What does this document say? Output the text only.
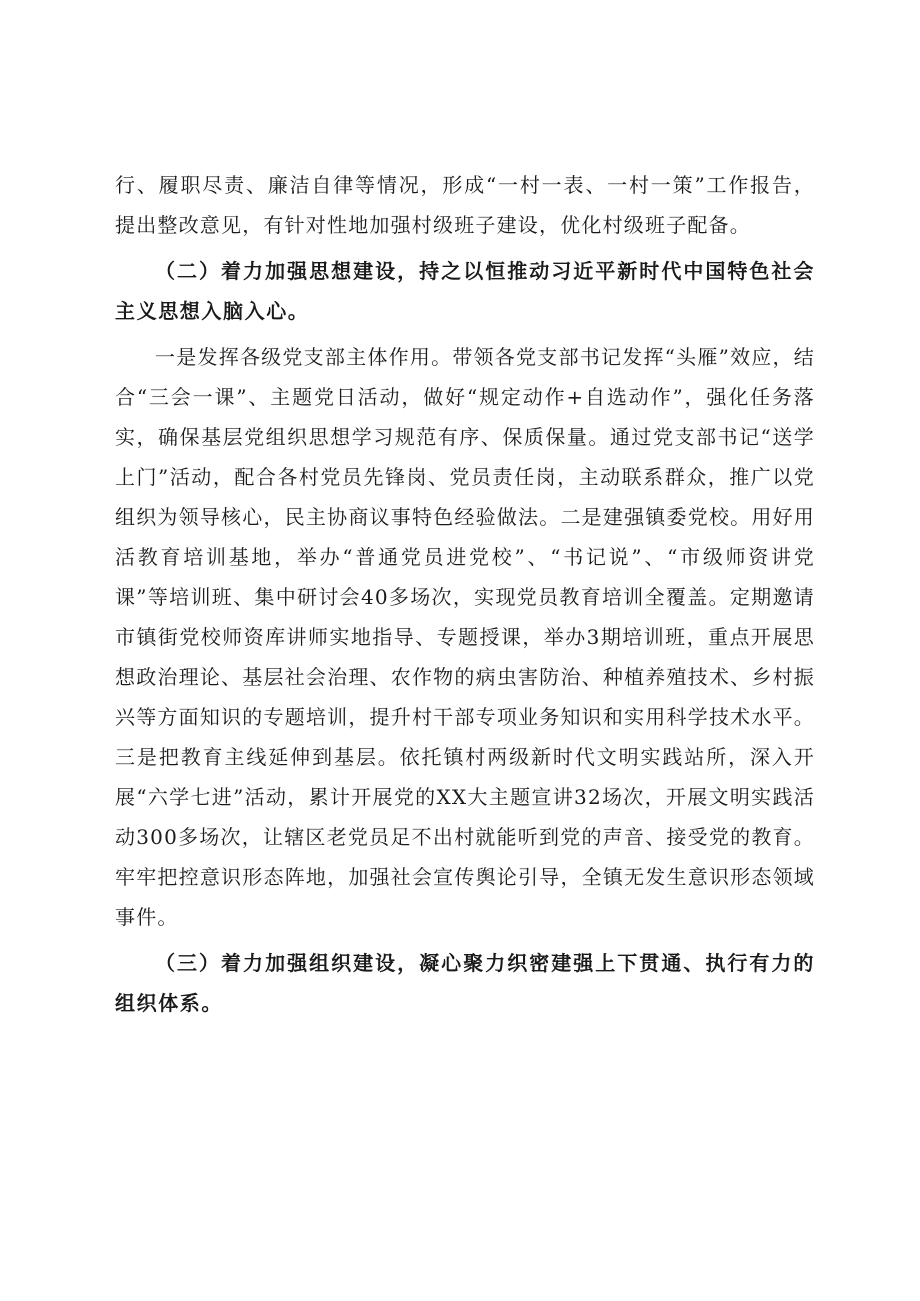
行、履职尽责、廉洁自律等情况，形成“一村一表、一村一策”工作报告，提出整改意见，有针对性地加强村级班子建设，优化村级班子配备。

（二）着力加强思想建设，持之以恒推动习近平新时代中国特色社会主义思想入脑入心。

一是发挥各级党支部主体作用。带领各党支部书记发挥“头雁”效应，结合“三会一课”、主题党日活动，做好“规定动作+自选动作”，强化任务落实，确保基层党组织思想学习规范有序、保质保量。通过党支部书记“送学上门”活动，配合各村党员先锋岗、党员责任岗，主动联系群众，推广以党组织为领导核心，民主协商议事特色经验做法。二是建强镇委党校。用好用活教育培训基地，举办“普通党员进党校”、“书记说”、“市级师资讲党课”等培训班、集中研讨会40多场次，实现党员教育培训全覆盖。定期邀请市镇街党校师资库讲师实地指导、专题授课，举办3期培训班，重点开展思想政治理论、基层社会治理、农作物的病虫害防治、种植养殖技术、乡村振兴等方面知识的专题培训，提升村干部专项业务知识和实用科学技术水平。三是把教育主线延伸到基层。依托镇村两级新时代文明实践站所，深入开展“六学七进”活动，累计开展党的XX大主题宣讲32场次，开展文明实践活动300多场次，让辖区老党员足不出村就能听到党的声音、接受党的教育。牢牢把控意识形态阵地，加强社会宣传舆论引导，全镇无发生意识形态领域事件。

（三）着力加强组织建设，凝心聚力织密建强上下贯通、执行有力的组织体系。
